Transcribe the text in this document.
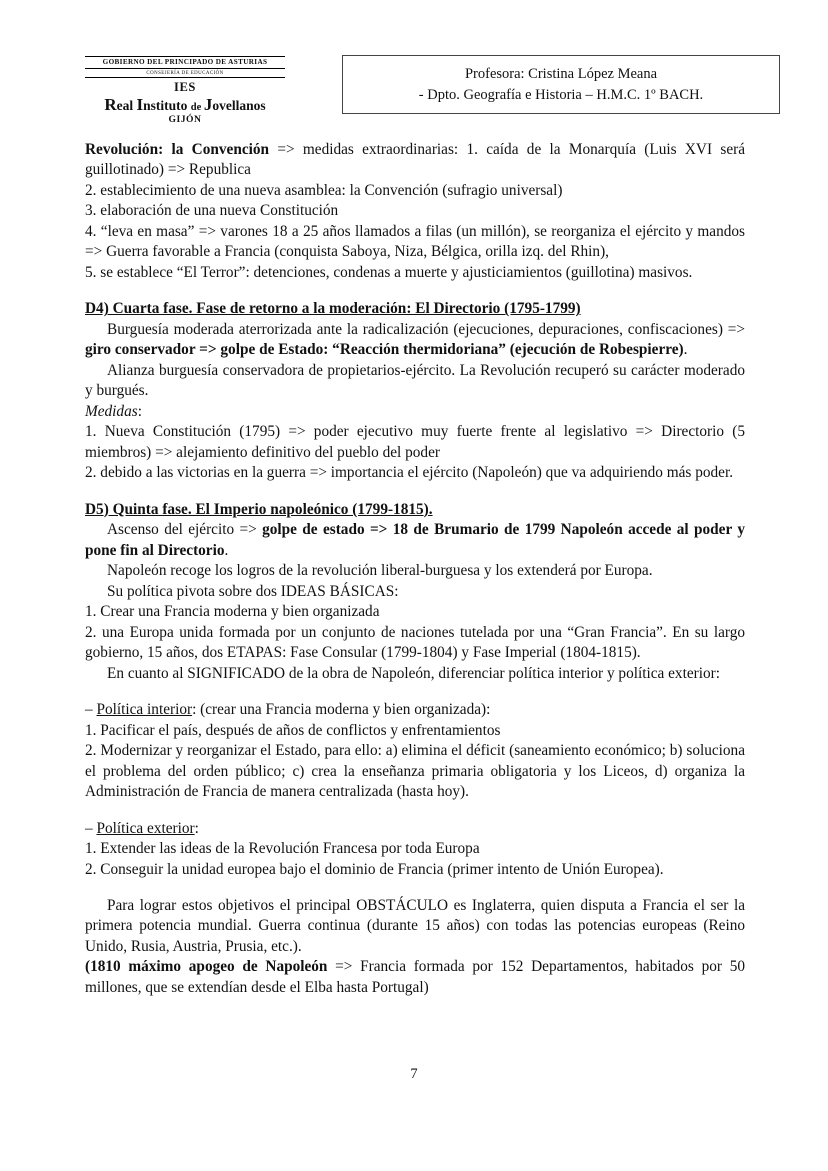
GOBIERNO DEL PRINCIPADO DE ASTURIAS
CONSEJERÍA DE EDUCACIÓN
IES
Real Instituto de Jovellanos
GIJÓN
Profesora: Cristina López Meana
- Dpto. Geografía e Historia – H.M.C. 1º BACH.

Revolución: la Convención => medidas extraordinarias: 1. caída de la Monarquía (Luis XVI será guillotinado) => Republica

2. establecimiento de una nueva asamblea: la Convención (sufragio universal)

3. elaboración de una nueva Constitución

4. “leva en masa” => varones 18 a 25 años llamados a filas (un millón), se reorganiza el ejército y mandos => Guerra favorable a Francia (conquista Saboya, Niza, Bélgica, orilla izq. del Rhin),

5. se establece “El Terror”: detenciones, condenas a muerte y ajusticiamientos (guillotina) masivos.

D4) Cuarta fase. Fase de retorno a la moderación: El Directorio (1795-1799)

Burguesía moderada aterrorizada ante la radicalización (ejecuciones, depuraciones, confiscaciones) => giro conservador => golpe de Estado: “Reacción thermidoriana” (ejecución de Robespierre).

Alianza burguesía conservadora de propietarios-ejército. La Revolución recuperó su carácter moderado y burgués.

Medidas:

1. Nueva Constitución (1795) => poder ejecutivo muy fuerte frente al legislativo => Directorio (5 miembros) => alejamiento definitivo del pueblo del poder

2. debido a las victorias en la guerra => importancia el ejército (Napoleón) que va adquiriendo más poder.

D5) Quinta fase. El Imperio napoleónico (1799-1815).

Ascenso del ejército => golpe de estado => 18 de Brumario de 1799 Napoleón accede al poder y pone fin al Directorio.

Napoleón recoge los logros de la revolución liberal-burguesa y los extenderá por Europa.

Su política pivota sobre dos IDEAS BÁSICAS:

1. Crear una Francia moderna y bien organizada

2. una Europa unida formada por un conjunto de naciones tutelada por una “Gran Francia”. En su largo gobierno, 15 años, dos ETAPAS: Fase Consular (1799-1804) y Fase Imperial (1804-1815).

En cuanto al SIGNIFICADO de la obra de Napoleón, diferenciar política interior y política exterior:

– Política interior: (crear una Francia moderna y bien organizada):

1. Pacificar el país, después de años de conflictos y enfrentamientos

2. Modernizar y reorganizar el Estado, para ello: a) elimina el déficit (saneamiento económico; b) soluciona el problema del orden público; c) crea la enseñanza primaria obligatoria y los Liceos, d) organiza la Administración de Francia de manera centralizada (hasta hoy).

– Política exterior:

1. Extender las ideas de la Revolución Francesa por toda Europa

2. Conseguir la unidad europea bajo el dominio de Francia (primer intento de Unión Europea).

Para lograr estos objetivos el principal OBSTÁCULO es Inglaterra, quien disputa a Francia el ser la primera potencia mundial. Guerra continua (durante 15 años) con todas las potencias europeas (Reino Unido, Rusia, Austria, Prusia, etc.).

(1810 máximo apogeo de Napoleón => Francia formada por 152 Departamentos, habitados por 50 millones, que se extendían desde el Elba hasta Portugal)

7
